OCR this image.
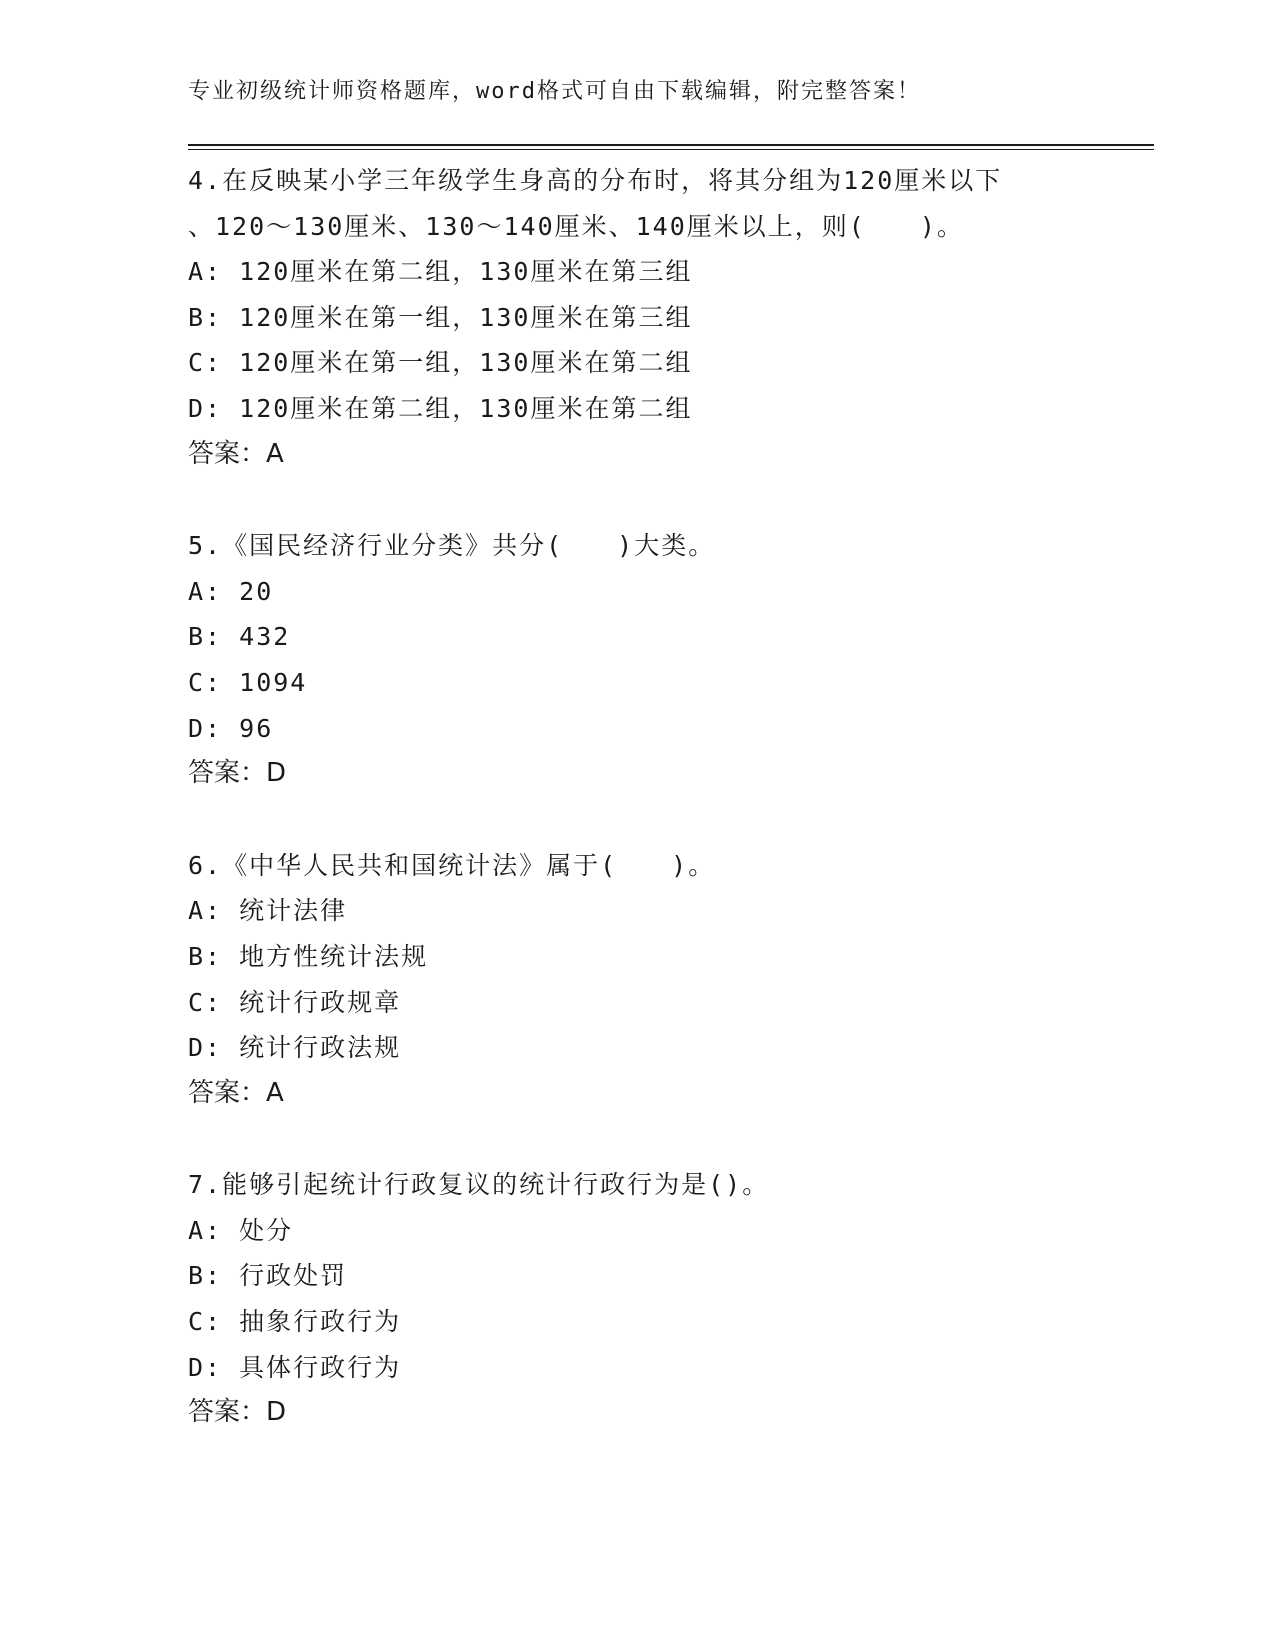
专业初级统计师资格题库，word格式可自由下载编辑，附完整答案！
4.在反映某小学三年级学生身高的分布时，将其分组为120厘米以下
、120～130厘米、130～140厘米、140厘米以上，则(　　)。
A: 120厘米在第二组，130厘米在第三组
B: 120厘米在第一组，130厘米在第三组
C: 120厘米在第一组，130厘米在第二组
D: 120厘米在第二组，130厘米在第二组
答案：A
5.《国民经济行业分类》共分(　　)大类。
A: 20
B: 432
C: 1094
D: 96
答案：D
6.《中华人民共和国统计法》属于(　　)。
A: 统计法律
B: 地方性统计法规
C: 统计行政规章
D: 统计行政法规
答案：A
7.能够引起统计行政复议的统计行政行为是()。
A: 处分
B: 行政处罚
C: 抽象行政行为
D: 具体行政行为
答案：D
